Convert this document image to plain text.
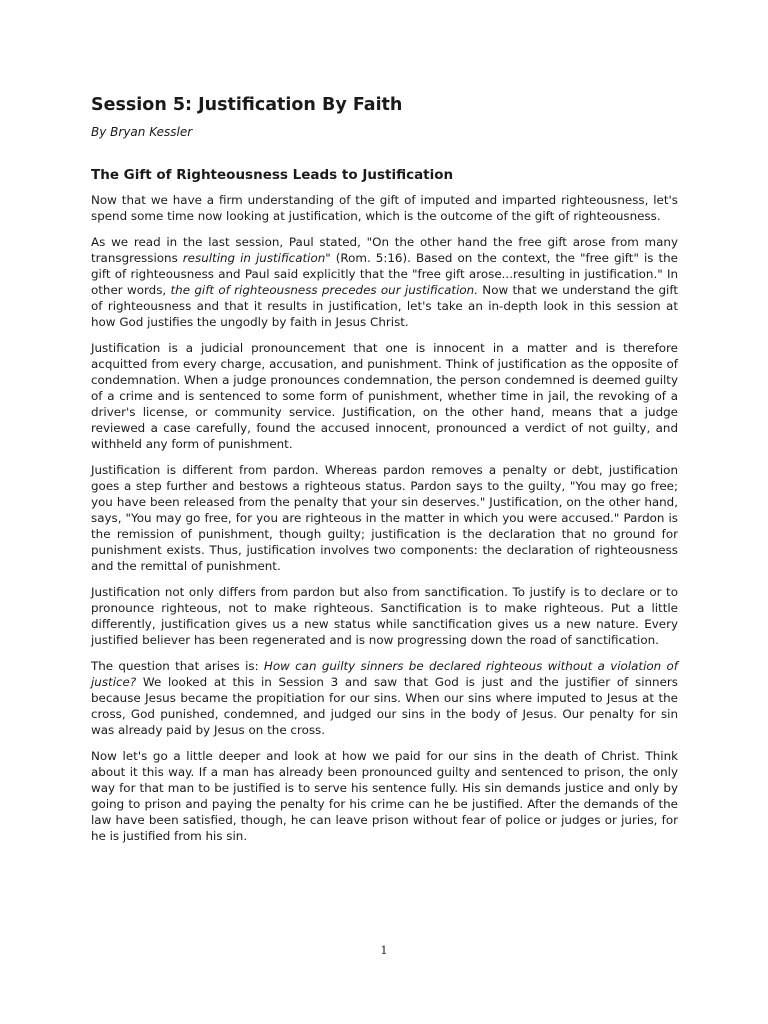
Session 5: Justification By Faith
By Bryan Kessler
The Gift of Righteousness Leads to Justification

Now that we have a firm understanding of the gift of imputed and imparted righteousness, let's spend some time now looking at justification, which is the outcome of the gift of righteousness.

As we read in the last session, Paul stated, "On the other hand the free gift arose from many transgressions resulting in justification" (Rom. 5:16). Based on the context, the "free gift" is the gift of righteousness and Paul said explicitly that the "free gift arose...resulting in justification." In other words, the gift of righteousness precedes our justification. Now that we understand the gift of righteousness and that it results in justification, let's take an in-depth look in this session at how God justifies the ungodly by faith in Jesus Christ.

Justification is a judicial pronouncement that one is innocent in a matter and is therefore acquitted from every charge, accusation, and punishment. Think of justification as the opposite of condemnation. When a judge pronounces condemnation, the person condemned is deemed guilty of a crime and is sentenced to some form of punishment, whether time in jail, the revoking of a driver's license, or community service. Justification, on the other hand, means that a judge reviewed a case carefully, found the accused innocent, pronounced a verdict of not guilty, and withheld any form of punishment.

Justification is different from pardon. Whereas pardon removes a penalty or debt, justification goes a step further and bestows a righteous status. Pardon says to the guilty, "You may go free; you have been released from the penalty that your sin deserves." Justification, on the other hand, says, "You may go free, for you are righteous in the matter in which you were accused." Pardon is the remission of punishment, though guilty; justification is the declaration that no ground for punishment exists. Thus, justification involves two components: the declaration of righteousness and the remittal of punishment.

Justification not only differs from pardon but also from sanctification. To justify is to declare or to pronounce righteous, not to make righteous. Sanctification is to make righteous. Put a little differently, justification gives us a new status while sanctification gives us a new nature. Every justified believer has been regenerated and is now progressing down the road of sanctification.

The question that arises is: How can guilty sinners be declared righteous without a violation of justice? We looked at this in Session 3 and saw that God is just and the justifier of sinners because Jesus became the propitiation for our sins. When our sins where imputed to Jesus at the cross, God punished, condemned, and judged our sins in the body of Jesus. Our penalty for sin was already paid by Jesus on the cross.

Now let's go a little deeper and look at how we paid for our sins in the death of Christ. Think about it this way. If a man has already been pronounced guilty and sentenced to prison, the only way for that man to be justified is to serve his sentence fully. His sin demands justice and only by going to prison and paying the penalty for his crime can he be justified. After the demands of the law have been satisfied, though, he can leave prison without fear of police or judges or juries, for he is justified from his sin.

1
